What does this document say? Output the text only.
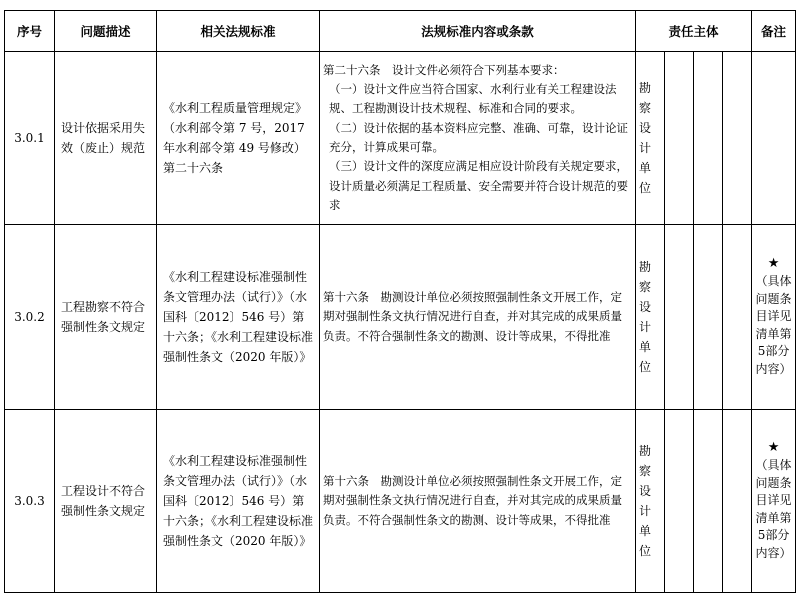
序号	问题描述	相关法规标准	法规标准内容或条款	责任主体				备注
3.0.1	设计依据采用失效（废止）规范	《水利工程质量管理规定》（水利部令第 7 号，2017 年水利部令第 49 号修改）第二十六条	第二十六条　设计文件必须符合下列基本要求：
（一）设计文件应当符合国家、水利行业有关工程建设法规、工程勘测设计技术规程、标准和合同的要求。
（二）设计依据的基本资料应完整、准确、可靠，设计论证充分，计算成果可靠。
（三）设计文件的深度应满足相应设计阶段有关规定要求，设计质量必须满足工程质量、安全需要并符合设计规范的要求	勘察设计单位				
3.0.2	工程勘察不符合强制性条文规定	《水利工程建设标准强制性条文管理办法（试行）》（水国科〔2012〕546 号）第十六条；《水利工程建设标准强制性条文（2020 年版）》	第十六条　勘测设计单位必须按照强制性条文开展工作，定期对强制性条文执行情况进行自查，并对其完成的成果质量负责。不符合强制性条文的勘测、设计等成果，不得批准	勘察设计单位				★
（具体问题条目详见清单第5部分内容）

3.0.3	工程设计不符合强制性条文规定	《水利工程建设标准强制性条文管理办法（试行）》（水国科〔2012〕546 号）第十六条；《水利工程建设标准强制性条文（2020 年版）》	第十六条　勘测设计单位必须按照强制性条文开展工作，定期对强制性条文执行情况进行自查，并对其完成的成果质量负责。不符合强制性条文的勘测、设计等成果，不得批准	勘察设计单位				★
（具体问题条目详见清单第5部分内容）
